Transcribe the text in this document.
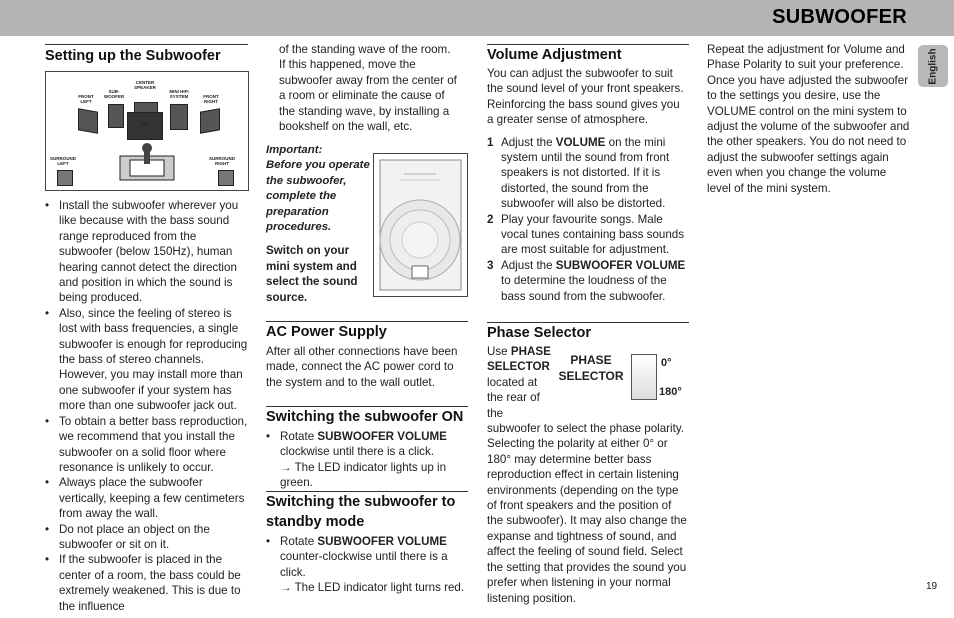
SUBWOOFER
English
Setting up the Subwoofer
FRONT LEFT
SUB- WOOFER
CENTER SPEAKER
MINI HIFI SYSTEM	FRONT RIGHT
TV
SURROUND LEFT
SURROUND RIGHT
• Install the subwoofer wherever you like because with the bass sound range reproduced from the subwoofer (below 150Hz), human hearing cannot detect the direction and position in which the sound is being produced.
• Also, since the feeling of stereo is lost with bass frequencies, a single subwoofer is enough for reproducing the bass of stereo channels. However, you may install more than one subwoofer if your system has more than one subwoofer jack out.
• To obtain a better bass reproduction, we recommend that you install the subwoofer on a solid floor where resonance is unlikely to occur.
• Always place the subwoofer vertically, keeping a few centimeters from away the wall.
• Do not place an object on the subwoofer or sit on it.
• If the subwoofer is placed in the center of a room, the bass could be extremely weakened. This is due to the influence

of the standing wave of the room. If this happened, move the subwoofer away from the center of a room or eliminate the cause of the standing wave, by installing a bookshelf on the wall, etc.

Important:
Before you operate the subwoofer, complete the preparation procedures.
Switch on your mini system and select the sound source.
AC Power Supply

After all other connections have been made, connect the AC power cord to the system and to the wall outlet.

Switching the subwoofer ON
• Rotate SUBWOOFER VOLUME clockwise until there is a click.
→ The LED indicator lights up in green.
Switching the subwoofer to standby mode
• Rotate SUBWOOFER VOLUME counter-clockwise until there is a click.
→ The LED indicator light turns red.
Volume Adjustment

You can adjust the subwoofer to suit the sound level of your front speakers. Reinforcing the bass sound gives you a greater sense of atmosphere.

1 Adjust the VOLUME on the mini system until the sound from front speakers is not distorted. If it is distorted, the sound from the subwoofer will also be distorted.
2 Play your favourite songs. Male vocal tunes containing bass sounds are most suitable for adjustment.
3 Adjust the SUBWOOFER VOLUME to determine the loudness of the bass sound from the subwoofer.
Phase Selector
Use PHASE SELECTOR located at the rear of the

subwoofer to select the phase polarity. Selecting the polarity at either 0° or 180° may determine better bass reproduction effect in certain listening environments (depending on the type of front speakers and the position of the subwoofer). It may also change the expanse and tightness of sound, and affect the feeling of sound field. Select the setting that provides the sound you prefer when listening in your normal listening position.

PHASE SELECTOR
0°
180°

Repeat the adjustment for Volume and Phase Polarity to suit your preference. Once you have adjusted the subwoofer to the settings you desire, use the VOLUME control on the mini system to adjust the volume of the subwoofer and the other speakers. You do not need to adjust the subwoofer settings again even when you change the volume level of the mini system.

19
